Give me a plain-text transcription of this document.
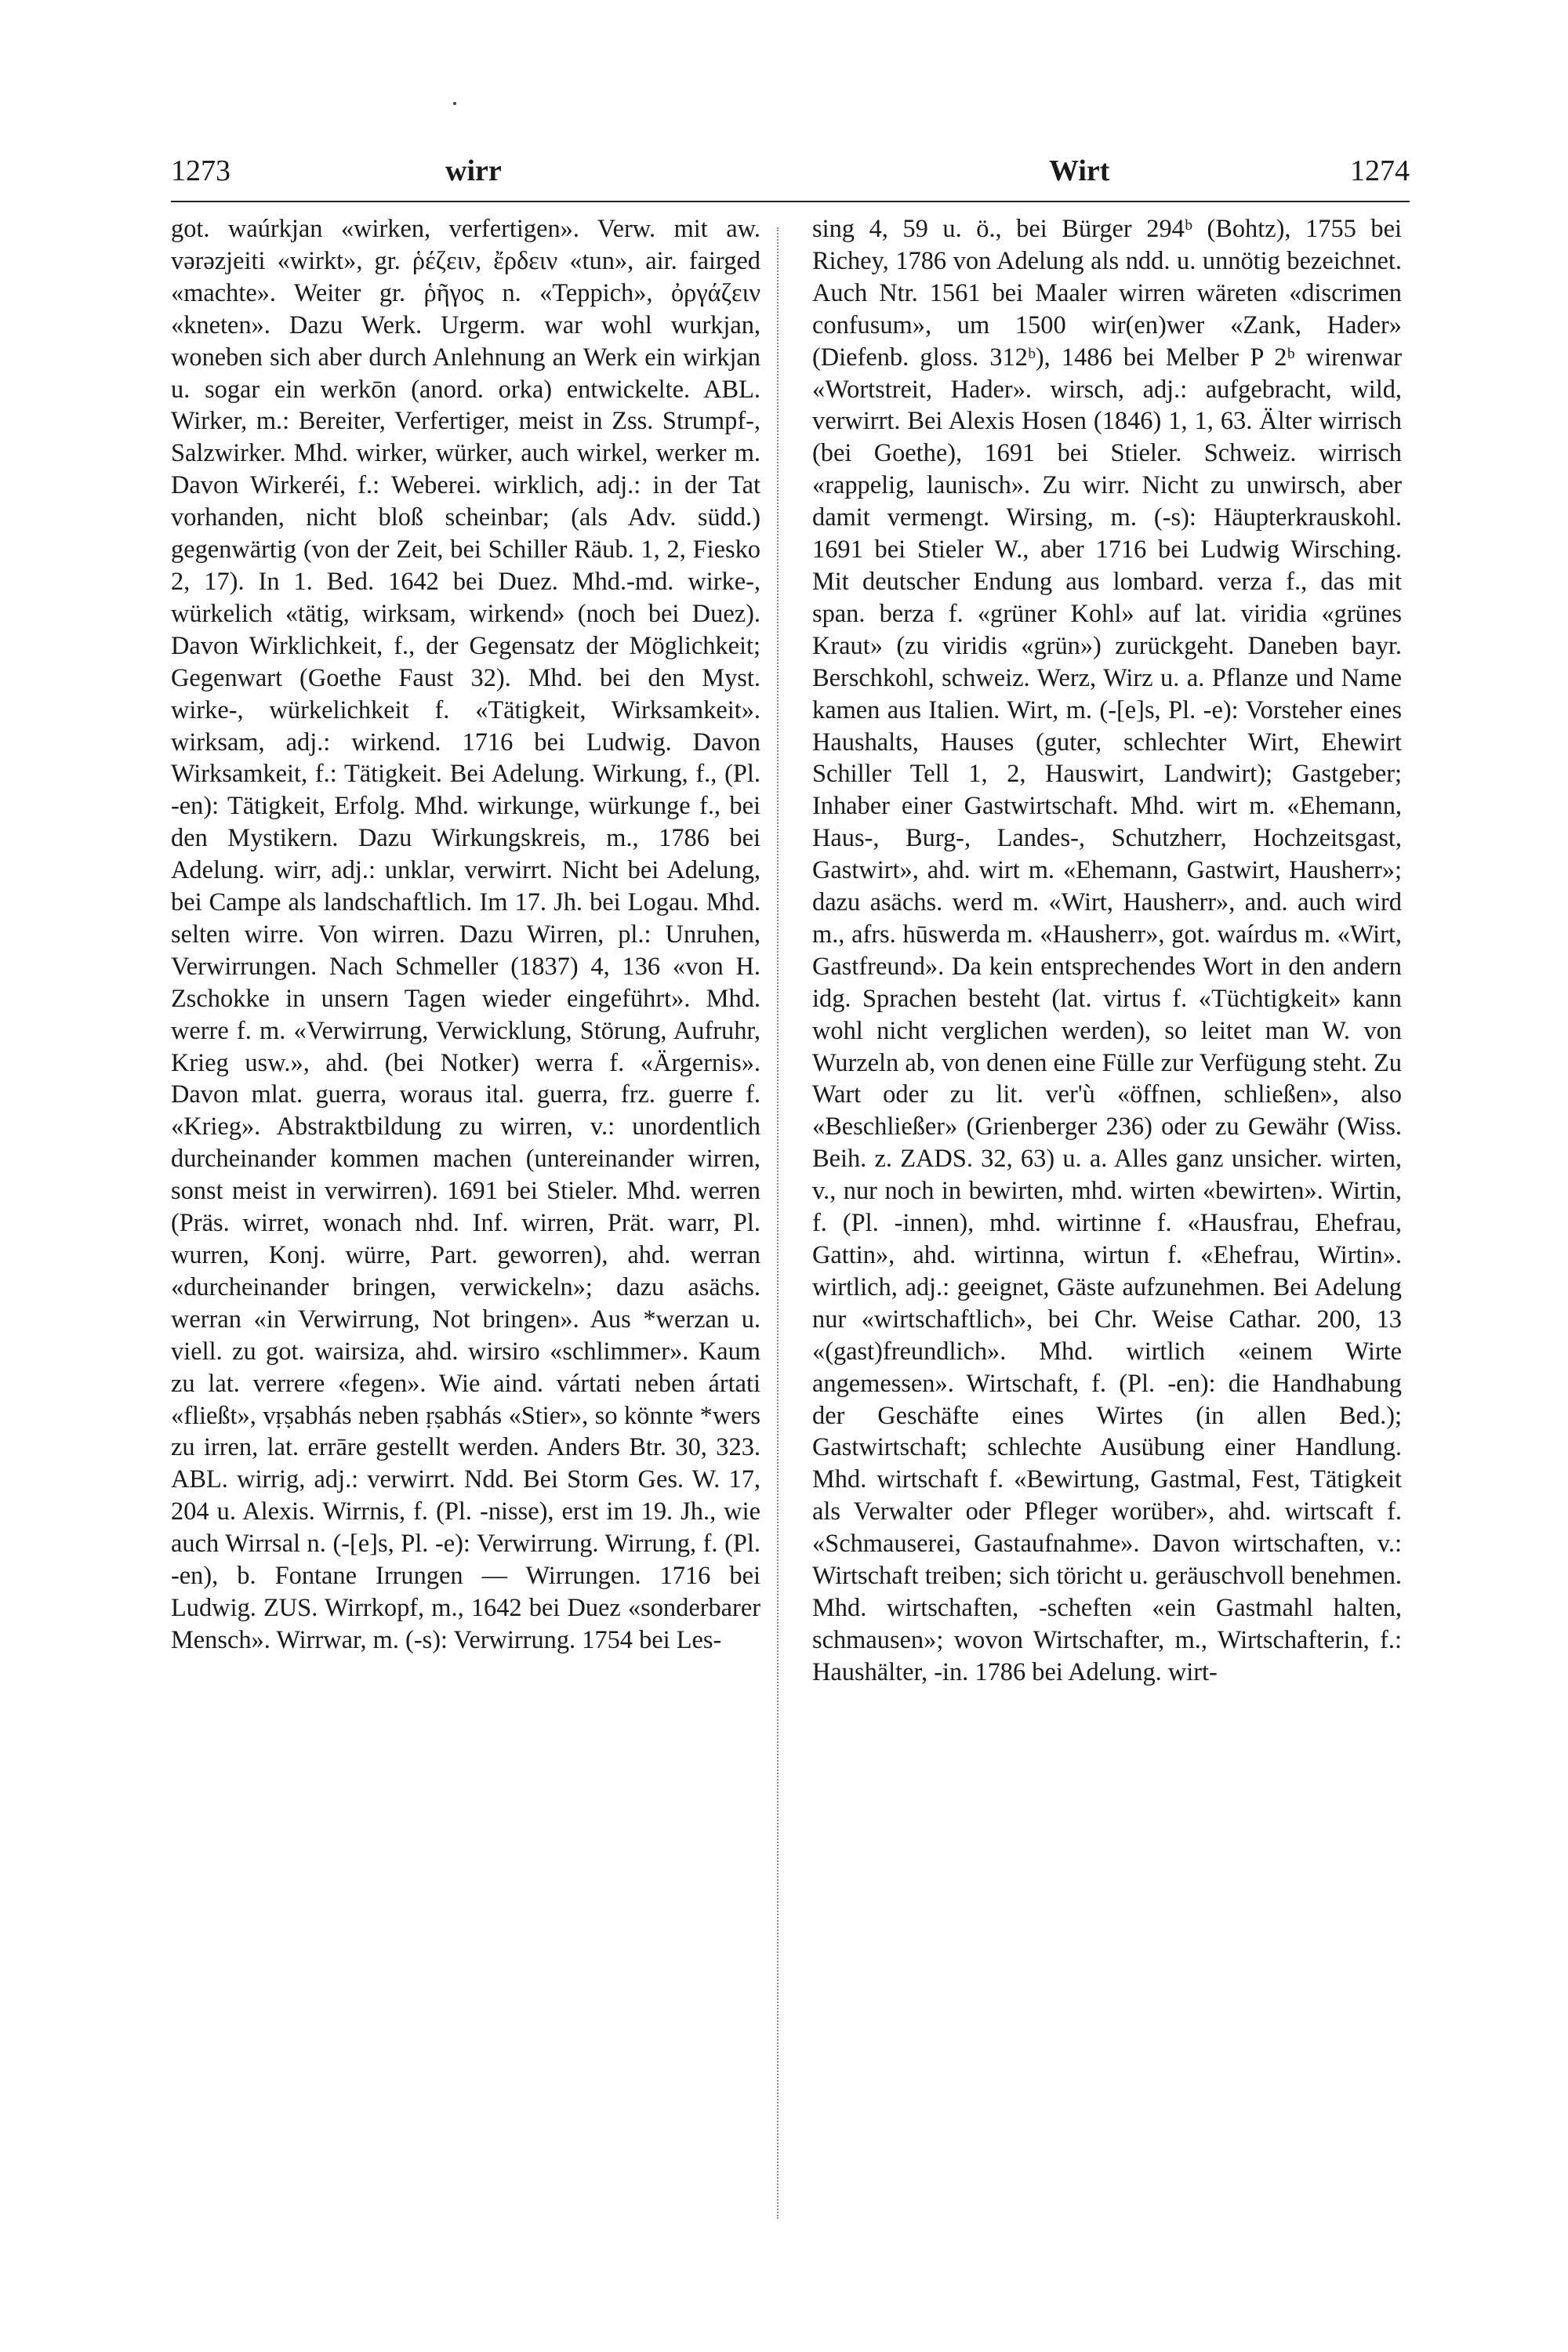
1273	wirr	Wirt	1274
got. waúrkjan «wirken, verfertigen». Verw. mit aw. vərəzjeiti «wirkt», gr. ῥέζειν, ἔρδειν «tun», air. fairged «machte». Weiter gr. ῥῆγος n. «Teppich», ὀργάζειν «kneten». Dazu Werk. Urgerm. war wohl wurkjan, woneben sich aber durch Anlehnung an Werk ein wirkjan u. sogar ein werkōn (anord. orka) entwickelte. ABL. Wirker, m.: Bereiter, Verfertiger, meist in Zss. Strumpf-, Salzwirker. Mhd. wirker, würker, auch wirkel, werker m. Davon Wirkeréi, f.: Weberei. wirklich, adj.: in der Tat vorhanden, nicht bloß scheinbar; (als Adv. südd.) gegenwärtig (von der Zeit, bei Schiller Räub. 1, 2, Fiesko 2, 17). In 1. Bed. 1642 bei Duez. Mhd.-md. wirke-, würkelich «tätig, wirksam, wirkend» (noch bei Duez). Davon Wirklichkeit, f., der Gegensatz der Möglichkeit; Gegenwart (Goethe Faust 32). Mhd. bei den Myst. wirke-, würkelichkeit f. «Tätigkeit, Wirksamkeit». wirksam, adj.: wirkend. 1716 bei Ludwig. Davon Wirksamkeit, f.: Tätigkeit. Bei Adelung. Wirkung, f., (Pl. -en): Tätigkeit, Erfolg. Mhd. wirkunge, würkunge f., bei den Mystikern. Dazu Wirkungskreis, m., 1786 bei Adelung. wirr, adj.: unklar, verwirrt. Nicht bei Adelung, bei Campe als landschaftlich. Im 17. Jh. bei Logau. Mhd. selten wirre. Von wirren. Dazu Wirren, pl.: Unruhen, Verwirrungen. Nach Schmeller (1837) 4, 136 «von H. Zschokke in unsern Tagen wieder eingeführt». Mhd. werre f. m. «Verwirrung, Verwicklung, Störung, Aufruhr, Krieg usw.», ahd. (bei Notker) werra f. «Ärgernis». Davon mlat. guerra, woraus ital. guerra, frz. guerre f. «Krieg». Abstraktbildung zu wirren, v.: unordentlich durcheinander kommen machen (untereinander wirren, sonst meist in verwirren). 1691 bei Stieler. Mhd. werren (Präs. wirret, wonach nhd. Inf. wirren, Prät. warr, Pl. wurren, Konj. würre, Part. geworren), ahd. werran «durcheinander bringen, verwickeln»; dazu asächs. werran «in Verwirrung, Not bringen». Aus *werzan u. viell. zu got. wairsiza, ahd. wirsiro «schlimmer». Kaum zu lat. verrere «fegen». Wie aind. vártati neben ártati «fließt», vṛṣabhás neben ṛṣabhás «Stier», so könnte *wers zu irren, lat. errāre gestellt werden. Anders Btr. 30, 323. ABL. wirrig, adj.: verwirrt. Ndd. Bei Storm Ges. W. 17, 204 u. Alexis. Wirrnis, f. (Pl. -nisse), erst im 19. Jh., wie auch Wirrsal n. (-[e]s, Pl. -e): Verwirrung. Wirrung, f. (Pl. -en), b. Fontane Irrungen — Wirrungen. 1716 bei Ludwig. ZUS. Wirrkopf, m., 1642 bei Duez «sonderbarer Mensch». Wirrwar, m. (-s): Verwirrung. 1754 bei Les-
sing 4, 59 u. ö., bei Bürger 294ᵇ (Bohtz), 1755 bei Richey, 1786 von Adelung als ndd. u. unnötig bezeichnet. Auch Ntr. 1561 bei Maaler wirren wäreten «discrimen confusum», um 1500 wir(en)wer «Zank, Hader» (Diefenb. gloss. 312ᵇ), 1486 bei Melber P 2ᵇ wirenwar «Wortstreit, Hader». wirsch, adj.: aufgebracht, wild, verwirrt. Bei Alexis Hosen (1846) 1, 1, 63. Älter wirrisch (bei Goethe), 1691 bei Stieler. Schweiz. wirrisch «rappelig, launisch». Zu wirr. Nicht zu unwirsch, aber damit vermengt. Wirsing, m. (-s): Häupterkrauskohl. 1691 bei Stieler W., aber 1716 bei Ludwig Wirsching. Mit deutscher Endung aus lombard. verza f., das mit span. berza f. «grüner Kohl» auf lat. viridia «grünes Kraut» (zu viridis «grün») zurückgeht. Daneben bayr. Berschkohl, schweiz. Werz, Wirz u. a. Pflanze und Name kamen aus Italien. Wirt, m. (-[e]s, Pl. -e): Vorsteher eines Haushalts, Hauses (guter, schlechter Wirt, Ehewirt Schiller Tell 1, 2, Hauswirt, Landwirt); Gastgeber; Inhaber einer Gastwirtschaft. Mhd. wirt m. «Ehemann, Haus-, Burg-, Landes-, Schutzherr, Hochzeitsgast, Gastwirt», ahd. wirt m. «Ehemann, Gastwirt, Hausherr»; dazu asächs. werd m. «Wirt, Hausherr», and. auch wird m., afrs. hūswerda m. «Hausherr», got. waírdus m. «Wirt, Gastfreund». Da kein entsprechendes Wort in den andern idg. Sprachen besteht (lat. virtus f. «Tüchtigkeit» kann wohl nicht verglichen werden), so leitet man W. von Wurzeln ab, von denen eine Fülle zur Verfügung steht. Zu Wart oder zu lit. ver'ù «öffnen, schließen», also «Beschließer» (Grienberger 236) oder zu Gewähr (Wiss. Beih. z. ZADS. 32, 63) u. a. Alles ganz unsicher. wirten, v., nur noch in bewirten, mhd. wirten «bewirten». Wirtin, f. (Pl. -innen), mhd. wirtinne f. «Hausfrau, Ehefrau, Gattin», ahd. wirtinna, wirtun f. «Ehefrau, Wirtin». wirtlich, adj.: geeignet, Gäste aufzunehmen. Bei Adelung nur «wirtschaftlich», bei Chr. Weise Cathar. 200, 13 «(gast)freundlich». Mhd. wirtlich «einem Wirte angemessen». Wirtschaft, f. (Pl. -en): die Handhabung der Geschäfte eines Wirtes (in allen Bed.); Gastwirtschaft; schlechte Ausübung einer Handlung. Mhd. wirtschaft f. «Bewirtung, Gastmal, Fest, Tätigkeit als Verwalter oder Pfleger worüber», ahd. wirtscaft f. «Schmauserei, Gastaufnahme». Davon wirtschaften, v.: Wirtschaft treiben; sich töricht u. geräuschvoll benehmen. Mhd. wirtschaften, -scheften «ein Gastmahl halten, schmausen»; wovon Wirtschafter, m., Wirtschafterin, f.: Haushälter, -in. 1786 bei Adelung. wirt-
